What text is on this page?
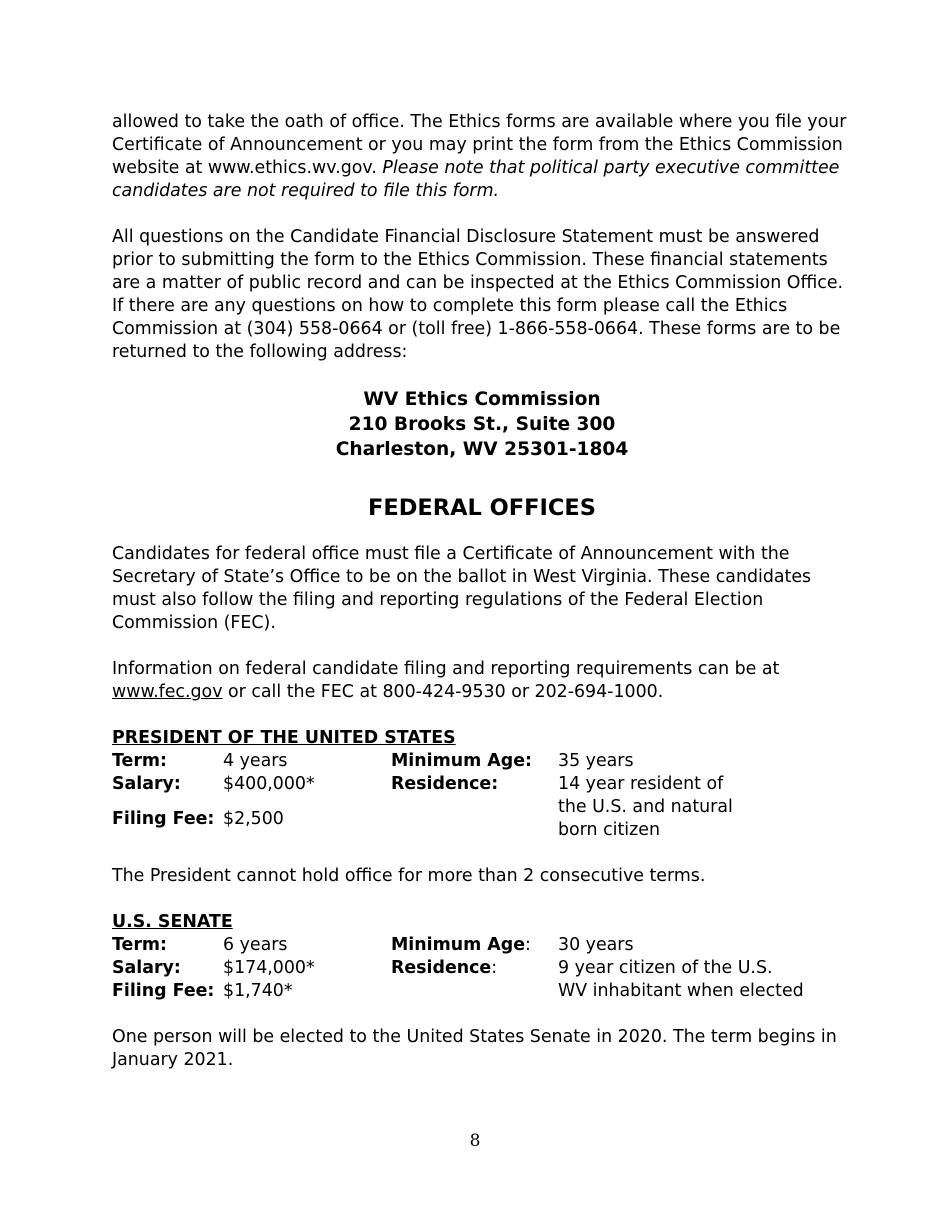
allowed to take the oath of office. The Ethics forms are available where you file your Certificate of Announcement or you may print the form from the Ethics Commission website at www.ethics.wv.gov. Please note that political party executive committee candidates are not required to file this form.

All questions on the Candidate Financial Disclosure Statement must be answered prior to submitting the form to the Ethics Commission. These financial statements are a matter of public record and can be inspected at the Ethics Commission Office. If there are any questions on how to complete this form please call the Ethics Commission at (304) 558-0664 or (toll free) 1-866-558-0664. These forms are to be returned to the following address:

WV Ethics Commission
210 Brooks St., Suite 300
Charleston, WV 25301-1804
FEDERAL OFFICES

Candidates for federal office must file a Certificate of Announcement with the Secretary of State’s Office to be on the ballot in West Virginia. These candidates must also follow the filing and reporting regulations of the Federal Election Commission (FEC).

Information on federal candidate filing and reporting requirements can be at www.fec.gov or call the FEC at 800-424-9530 or 202-694-1000.

PRESIDENT OF THE UNITED STATES
Term:	4 years	Minimum Age:	35 years
Salary:	$400,000*	Residence:	14 year resident of the U.S. and natural born citizen
Filing Fee:	$2,500		

The President cannot hold office for more than 2 consecutive terms.

U.S. SENATE
Term:	6 years	Minimum Age:	30 years
Salary:	$174,000*	Residence:	9 year citizen of the U.S.
Filing Fee:	$1,740*		WV inhabitant when elected

One person will be elected to the United States Senate in 2020. The term begins in January 2021.

8
